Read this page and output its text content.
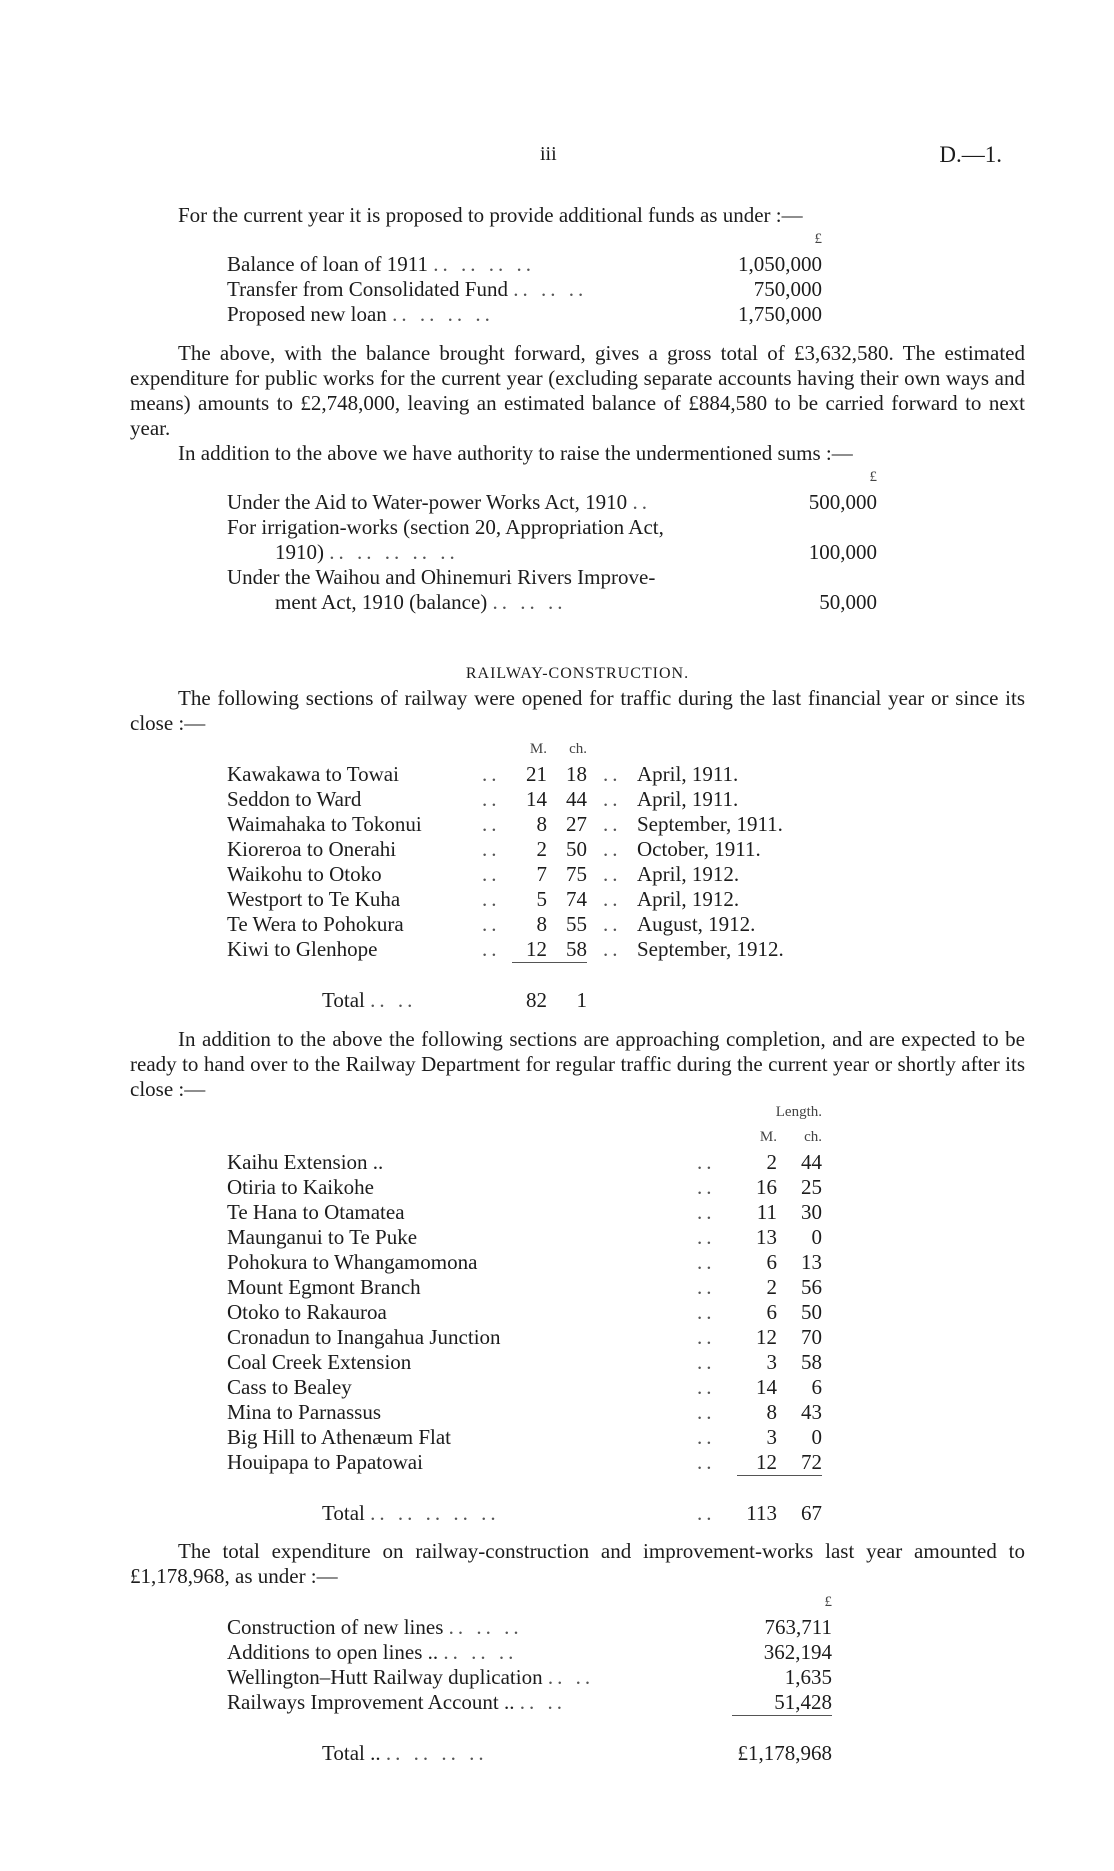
iii	D.—1.

For the current year it is proposed to provide additional funds as under :—

	£
Balance of loan of 1911 .. .. .. ..	1,050,000
Transfer from Consolidated Fund .. .. ..	750,000
Proposed new loan .. .. .. ..	1,750,000

The above, with the balance brought forward, gives a gross total of £3,632,580. The estimated expenditure for public works for the current year (excluding separate accounts having their own ways and means) amounts to £2,748,000, leaving an estimated balance of £884,580 to be carried forward to next year.

In addition to the above we have authority to raise the undermentioned sums :—

	£
Under the Aid to Water-power Works Act, 1910 ..	500,000
For irrigation-works (section 20, Appropriation Act,	
1910) .. .. .. .. ..	100,000
Under the Waihou and Ohinemuri Rivers Improve-	
ment Act, 1910 (balance) .. .. ..	50,000
RAILWAY-CONSTRUCTION.

The following sections of railway were opened for traffic during the last financial year or since its close :—

		M.	ch.		
Kawakawa to Towai	..	21	18	..	April, 1911.
Seddon to Ward	..	14	44	..	April, 1911.
Waimahaka to Tokonui	..	8	27	..	September, 1911.
Kioreroa to Onerahi	..	2	50	..	October, 1911.
Waikohu to Otoko	..	7	75	..	April, 1912.
Westport to Te Kuha	..	5	74	..	April, 1912.
Te Wera to Pohokura	..	8	55	..	August, 1912.
Kiwi to Glenhope	..	12	58	..	September, 1912.

Total .. ..		82	1		

In addition to the above the following sections are approaching completion, and are expected to be ready to hand over to the Railway Department for regular traffic during the current year or shortly after its close :—

		Length.	
		M.	ch.
Kaihu Extension ..	..	2	44
Otiria to Kaikohe	..	16	25
Te Hana to Otamatea	..	11	30
Maunganui to Te Puke	..	13	0
Pohokura to Whangamomona	..	6	13
Mount Egmont Branch	..	2	56
Otoko to Rakauroa	..	6	50
Cronadun to Inangahua Junction	..	12	70
Coal Creek Extension	..	3	58
Cass to Bealey	..	14	6
Mina to Parnassus	..	8	43
Big Hill to Athenæum Flat	..	3	0
Houipapa to Papatowai	..	12	72

Total .. .. .. .. ..	..	113	67

The total expenditure on railway-construction and improvement-works last year amounted to £1,178,968, as under :—

	£
Construction of new lines .. .. ..	763,711
Additions to open lines .. .. .. ..	362,194
Wellington–Hutt Railway duplication .. ..	1,635
Railways Improvement Account .. .. ..	51,428

Total .. .. .. .. ..	£1,178,968
